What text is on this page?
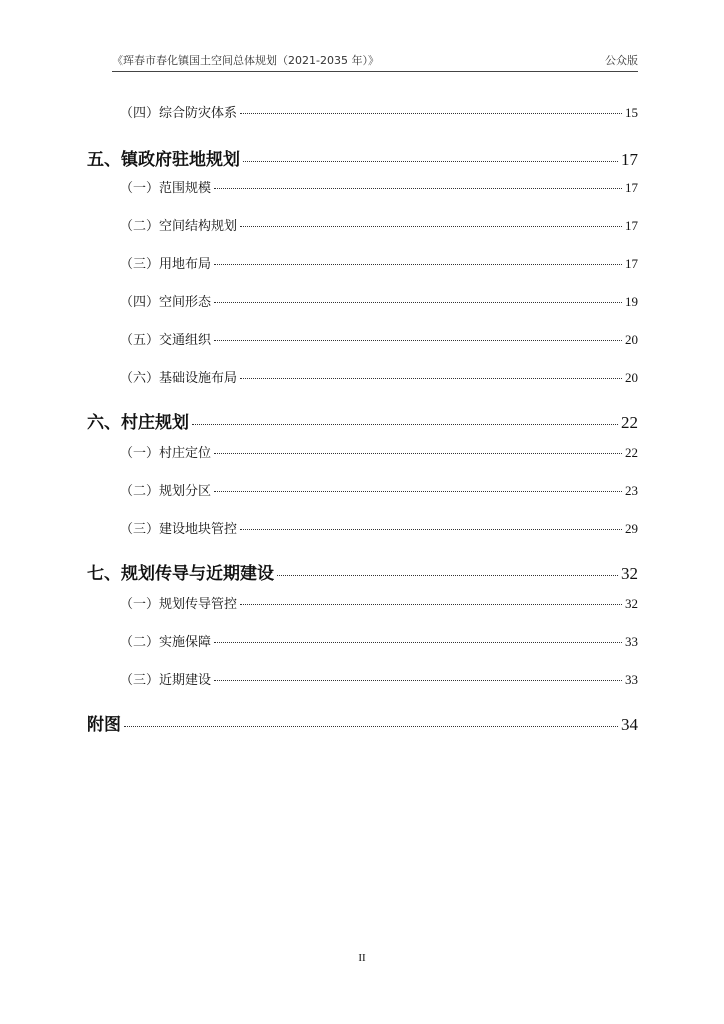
《珲春市春化镇国土空间总体规划（2021-2035 年）》	公众版
（四）综合防灾体系	15
五、镇政府驻地规划	17
（一）范围规模	17
（二）空间结构规划	17
（三）用地布局	17
（四）空间形态	19
（五）交通组织	20
（六）基础设施布局	20
六、村庄规划	22
（一）村庄定位	22
（二）规划分区	23
（三）建设地块管控	29
七、规划传导与近期建设	32
（一）规划传导管控	32
（二）实施保障	33
（三）近期建设	33
附图	34
II
